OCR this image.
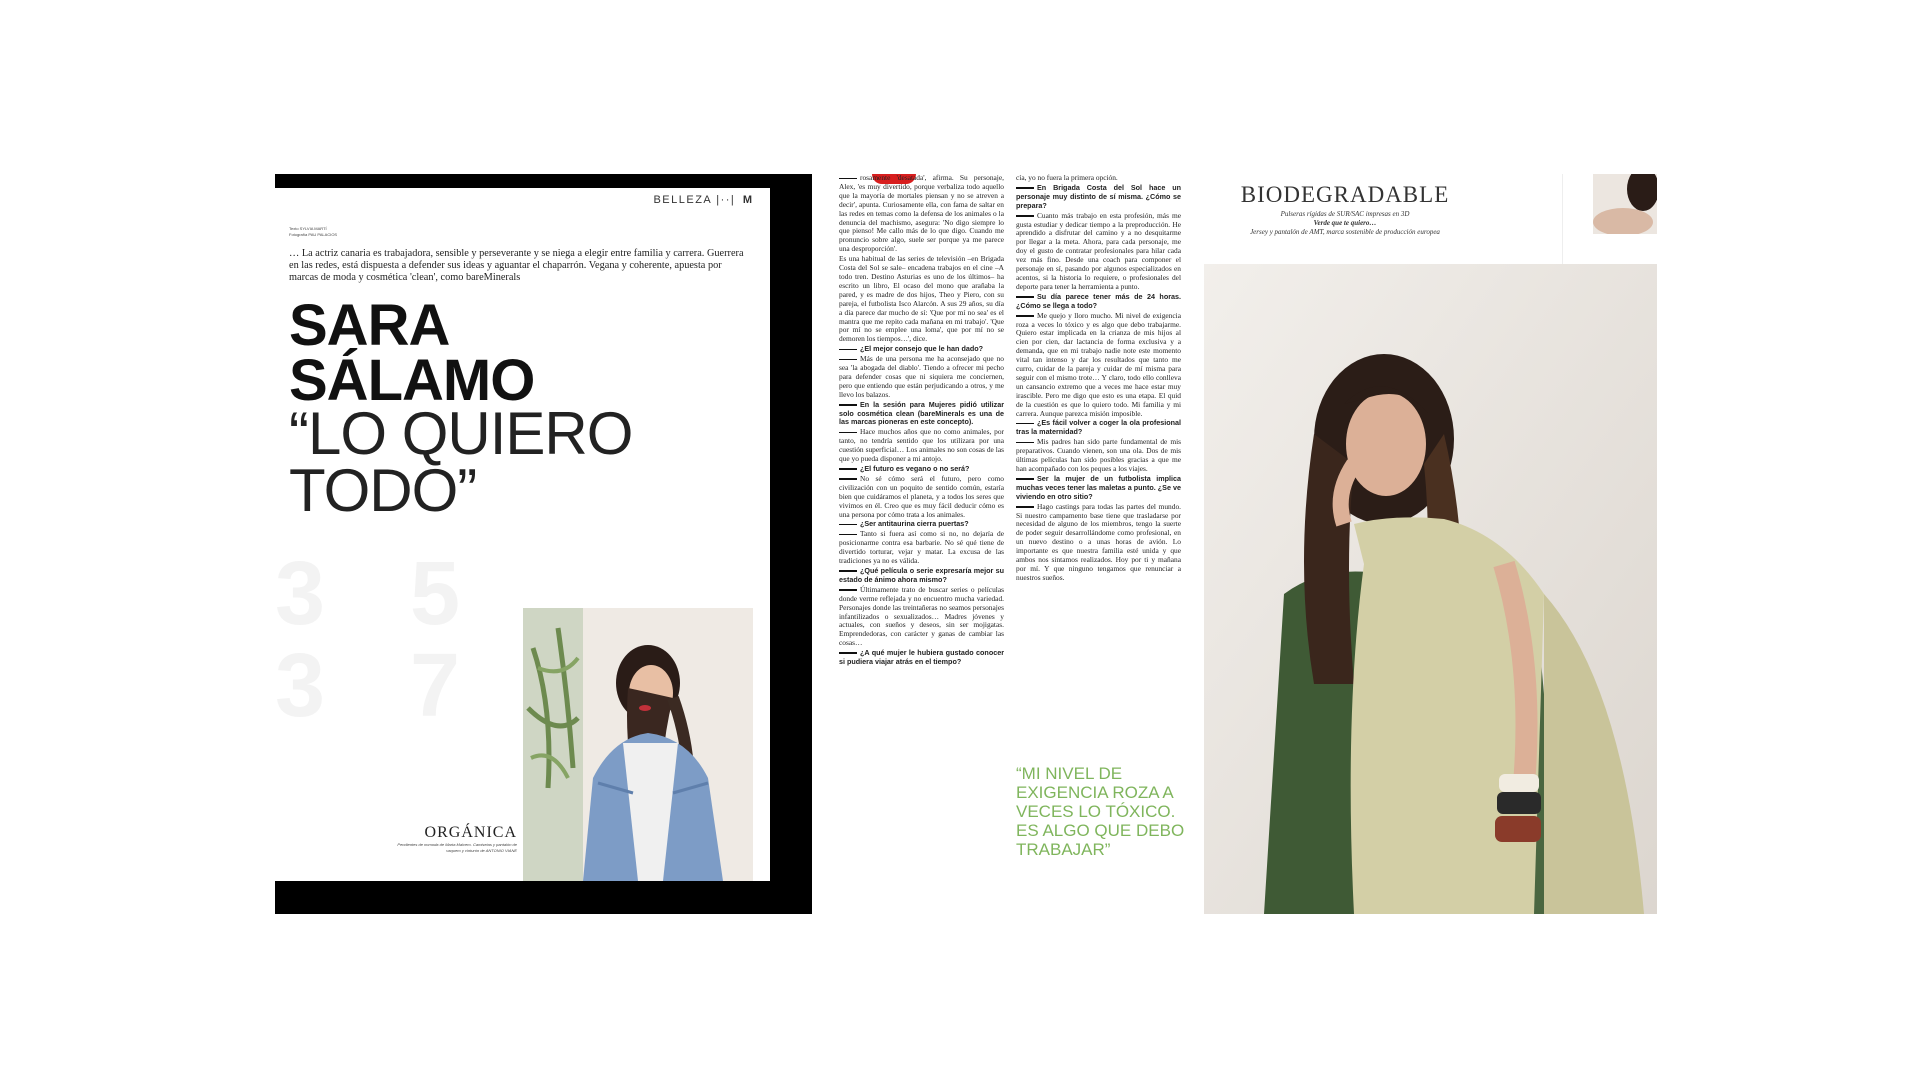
3 5
3 7
BELLEZA |··| M
Texto SYLVIA MARTÍ
Fotografía PAU PALACIOS
… La actriz canaria es trabajadora, sensible y perseverante y se niega a elegir entre familia y carrera. Guerrera en las redes, está dispuesta a defender sus ideas y aguantar el chaparrón. Vegana y coherente, apuesta por marcas de moda y cosmética 'clean', como bareMinerals
SARA
SÁLAMO
“LO QUIERO
TODO”
ORGÁNICA
Pendientes de nomoda de Marta Malvero. Camisetas y pantalón de vaquero y cinturón de ANTONIO VIANE

rosamente 'desatada', afirma. Su personaje, Alex, 'es muy divertido, porque verbaliza todo aquello que la mayoría de mortales piensan y no se atreven a decir', apunta. Curiosamente ella, con fama de saltar en las redes en temas como la defensa de los animales o la denuncia del machismo, asegura: 'No digo siempre lo que pienso! Me callo más de lo que digo. Cuando me pronuncio sobre algo, suele ser porque ya me parece una desproporción'.

Es una habitual de las series de televisión –en Brigada Costa del Sol se sale– encadena trabajos en el cine –A todo tren. Destino Asturias es uno de los últimos– ha escrito un libro, El ocaso del mono que arañaba la pared, y es madre de dos hijos, Theo y Piero, con su pareja, el futbolista Isco Alarcón. A sus 29 años, su día a día parece dar mucho de sí: 'Que por mí no sea' es el mantra que me repito cada mañana en mi trabajo'. 'Que por mí no se emplee una loma', que por mí no se demoren los tiempos…', dice.

¿El mejor consejo que le han dado?

Más de una persona me ha aconsejado que no sea 'la abogada del diablo'. Tiendo a ofrecer mi pecho para defender cosas que ni siquiera me conciernen, pero que entiendo que están perjudicando a otros, y me llevo los balazos.

En la sesión para Mujeres pidió utilizar solo cosmética clean (bareMinerals es una de las marcas pioneras en este concepto).

Hace muchos años que no como animales, por tanto, no tendría sentido que los utilizara por una cuestión superficial… Los animales no son cosas de las que yo pueda disponer a mi antojo.

¿El futuro es vegano o no será?

No sé cómo será el futuro, pero como civilización con un poquito de sentido común, estaría bien que cuidáramos el planeta, y a todos los seres que vivimos en él. Creo que es muy fácil deducir cómo es una persona por cómo trata a los animales.

¿Ser antitaurina cierra puertas?

Tanto si fuera así como si no, no dejaría de posicionarme contra esa barbarie. No sé qué tiene de divertido torturar, vejar y matar. La excusa de las tradiciones ya no es válida.

¿Qué película o serie expresaría mejor su estado de ánimo ahora mismo?

Últimamente trato de buscar series o películas donde verme reflejada y no encuentro mucha variedad. Personajes donde las treintañeras no seamos personajes infantilizados o sexualizados… Madres jóvenes y actuales, con sueños y deseos, sin ser mojigatas. Emprendedoras, con carácter y ganas de cambiar las cosas…

¿A qué mujer le hubiera gustado conocer si pudiera viajar atrás en el tiempo?

cía, yo no fuera la primera opción.

En Brigada Costa del Sol hace un personaje muy distinto de sí misma. ¿Cómo se prepara?

Cuanto más trabajo en esta profesión, más me gusta estudiar y dedicar tiempo a la preproducción. He aprendido a disfrutar del camino y a no desquitarme por llegar a la meta. Ahora, para cada personaje, me doy el gusto de contratar profesionales para hilar cada vez más fino. Desde una coach para componer el personaje en sí, pasando por algunos especializados en acentos, si la historia lo requiere, o profesionales del deporte para tener la herramienta a punto.

Su día parece tener más de 24 horas. ¿Cómo se llega a todo?

Me quejo y lloro mucho. Mi nivel de exigencia roza a veces lo tóxico y es algo que debo trabajarme. Quiero estar implicada en la crianza de mis hijos al cien por cien, dar lactancia de forma exclusiva y a demanda, que en mi trabajo nadie note este momento vital tan intenso y dar los resultados que tanto me curro, cuidar de la pareja y cuidar de mí misma para seguir con el mismo trote… Y claro, todo ello conlleva un cansancio extremo que a veces me hace estar muy irascible. Pero me digo que esto es una etapa. El quid de la cuestión es que lo quiero todo. Mi familia y mi carrera. Aunque parezca misión imposible.

¿Es fácil volver a coger la ola profesional tras la maternidad?

Mis padres han sido parte fundamental de mis preparativos. Cuando vienen, son una ola. Dos de mis últimas películas han sido posibles gracias a que me han acompañado con los peques a los viajes.

Ser la mujer de un futbolista implica muchas veces tener las maletas a punto. ¿Se ve viviendo en otro sitio?

Hago castings para todas las partes del mundo. Si nuestro campamento base tiene que trasladarse por necesidad de alguno de los miembros, tengo la suerte de poder seguir desarrollándome como profesional, en un nuevo destino o a unas horas de avión. Lo importante es que nuestra familia esté unida y que ambos nos sintamos realizados. Hoy por ti y mañana por mí. Y que ninguno tengamos que renunciar a nuestros sueños.

“MI NIVEL DE EXIGENCIA ROZA A VECES LO TÓXICO. ES ALGO QUE DEBO TRABAJAR”
BIODEGRADABLE
Pulseras rígidas de SUR/SAC impresas en 3D
Verde que te quiero…
Jersey y pantalón de AMT, marca sostenible de producción europea
